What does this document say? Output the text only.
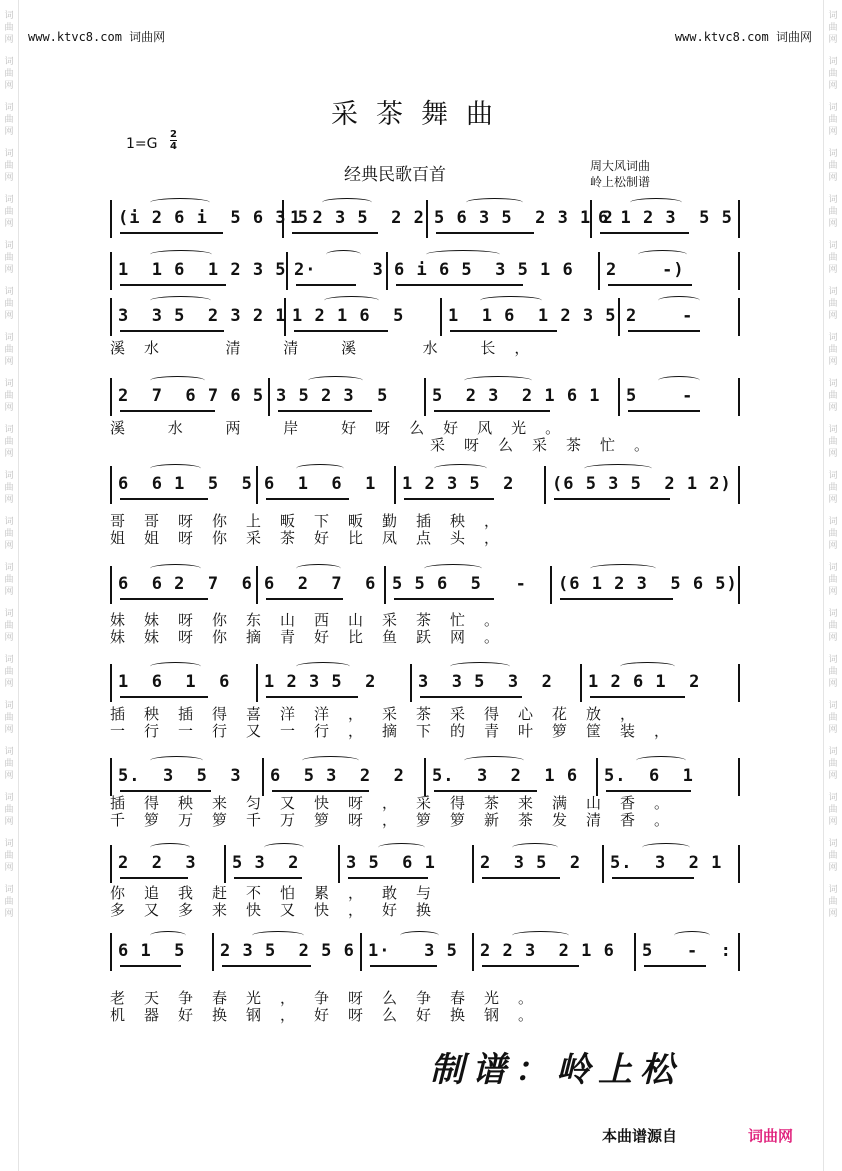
词
曲
网
词
曲
网
词
曲
网
词
曲
网
词
曲
网
词
曲
网
词
曲
网
词
曲
网
词
曲
网
词
曲
网
词
曲
网
词
曲
网
词
曲
网
词
曲
网
词
曲
网
词
曲
网
词
曲
网
词
曲
网
词
曲
网
词
曲
网
词
曲
网
词
曲
网
词
曲
网
词
曲
网
词
曲
网
词
曲
网
词
曲
网
词
曲
网
词
曲
网
词
曲
网
词
曲
网
词
曲
网
词
曲
网
词
曲
网
词
曲
网
词
曲
网
词
曲
网
词
曲
网
词
曲
网
词
曲
网
www.ktvc8.com 词曲网	www.ktvc8.com 词曲网
采茶舞曲
1=G
2
4
经典民歌百首	周大风词曲
岭上松制谱
(i 2 6 i  5 6 3 5
1 2 3 5  2 2 5 6 3 5  2 3 1 2
6 1 2 3  5 5
1  1 6  1 2 3 5 2·     3 6 i 6 5  3 5 1 6 2    -)
3  3 5  2 3 2 1 1 2 1 6  5	1  1 6  1 2 3 5 2    -
溪水  清 清 溪  水 长，
2  7  6 7 6 5 3 5 2 3  5	5  2 3  2 1 6 1 5    -
溪 水 两 岸 好呀么好风光。
采呀么采茶忙。
6  6 1  5  5 6  1  6  1 1 2 3 5  2 (6 5 3 5  2 1 2)
哥哥呀你上畈下畈勤插秧，
姐姐呀你采茶好比凤点头，
6  6 2  7  6 6  2  7  6 5 5 6  5   - (6 1 2 3  5 6 5)
妹妹呀你东山西山采茶忙。
妹妹呀你摘青好比鱼跃网。
1  6  1  6 1 2 3 5  2 3  3 5  3  2 1 2 6 1  2
插秧插得喜洋洋，采茶采得心花放，
一行一行又一行，摘下的青叶箩筐装，
5.  3  5  3 6  5 3  2  2 5.  3  2  1 6 5.  6  1
插得秧来匀又快呀，采得茶来满山香。
千箩万箩千万箩呀，箩箩新茶发清香。
2  2  3 5 3  2	3 5  6 1	2  3 5  2 5.  3  2 1
你追我赶不怕累，敢与
多又多来快又快，好换
6 1  5 2 3 5  2 5 6 1·   3 5 2 2 3  2 1 6 5   -  :
老天争春光，争呀么争春光。
机器好换钢，好呀么好换钢。
制谱：岭上松
本曲谱源自	词曲网
